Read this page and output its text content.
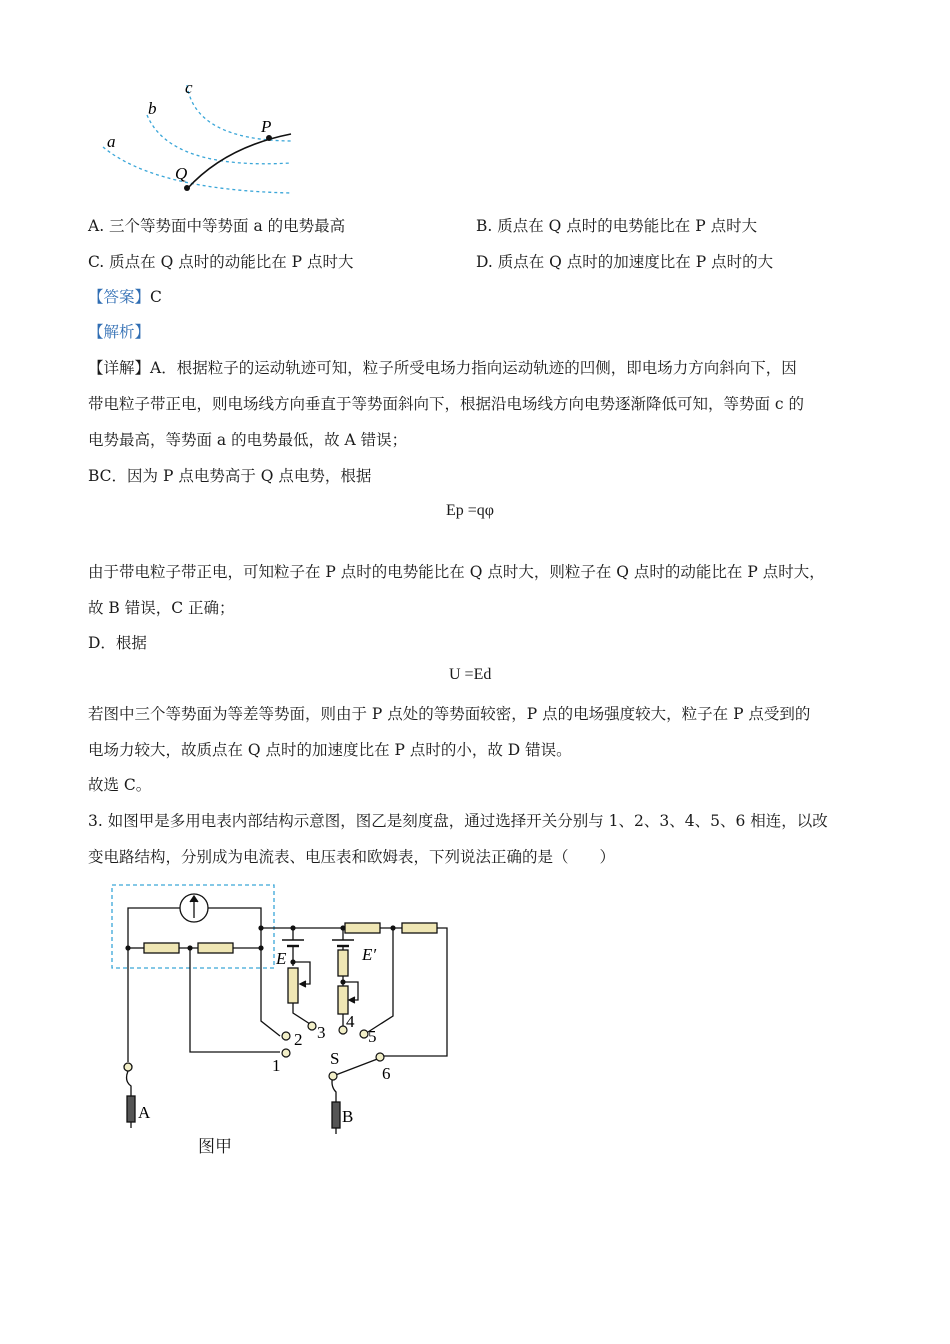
a
b
c
P
Q
A. 三个等势面中等势面 a 的电势最高	B. 质点在 Q 点时的电势能比在 P 点时大
C. 质点在 Q 点时的动能比在 P 点时大	D. 质点在 Q 点时的加速度比在 P 点时的大
【答案】C
【解析】
【详解】A．根据粒子的运动轨迹可知，粒子所受电场力指向运动轨迹的凹侧，即电场力方向斜向下，因
带电粒子带正电，则电场线方向垂直于等势面斜向下，根据沿电场线方向电势逐渐降低可知，等势面 c 的
电势最高，等势面 a 的电势最低，故 A 错误；
BC．因为 P 点电势高于 Q 点电势，根据
Ep =qφ
由于带电粒子带正电，可知粒子在 P 点时的电势能比在 Q 点时大，则粒子在 Q 点时的动能比在 P 点时大，
故 B 错误，C 正确；
D．根据
U =Ed
若图中三个等势面为等差等势面，则由于 P 点处的等势面较密，P 点的电场强度较大，粒子在 P 点受到的
电场力较大，故质点在 Q 点时的加速度比在 P 点时的小，故 D 错误。
故选 C。
3. 如图甲是多用电表内部结构示意图，图乙是刻度盘，通过选择开关分别与 1、2、3、4、5、6 相连，以改
变电路结构，分别成为电流表、电压表和欧姆表，下列说法正确的是（　　）
1
2 3
4
5
6
S
E	E′
A	B
图甲
